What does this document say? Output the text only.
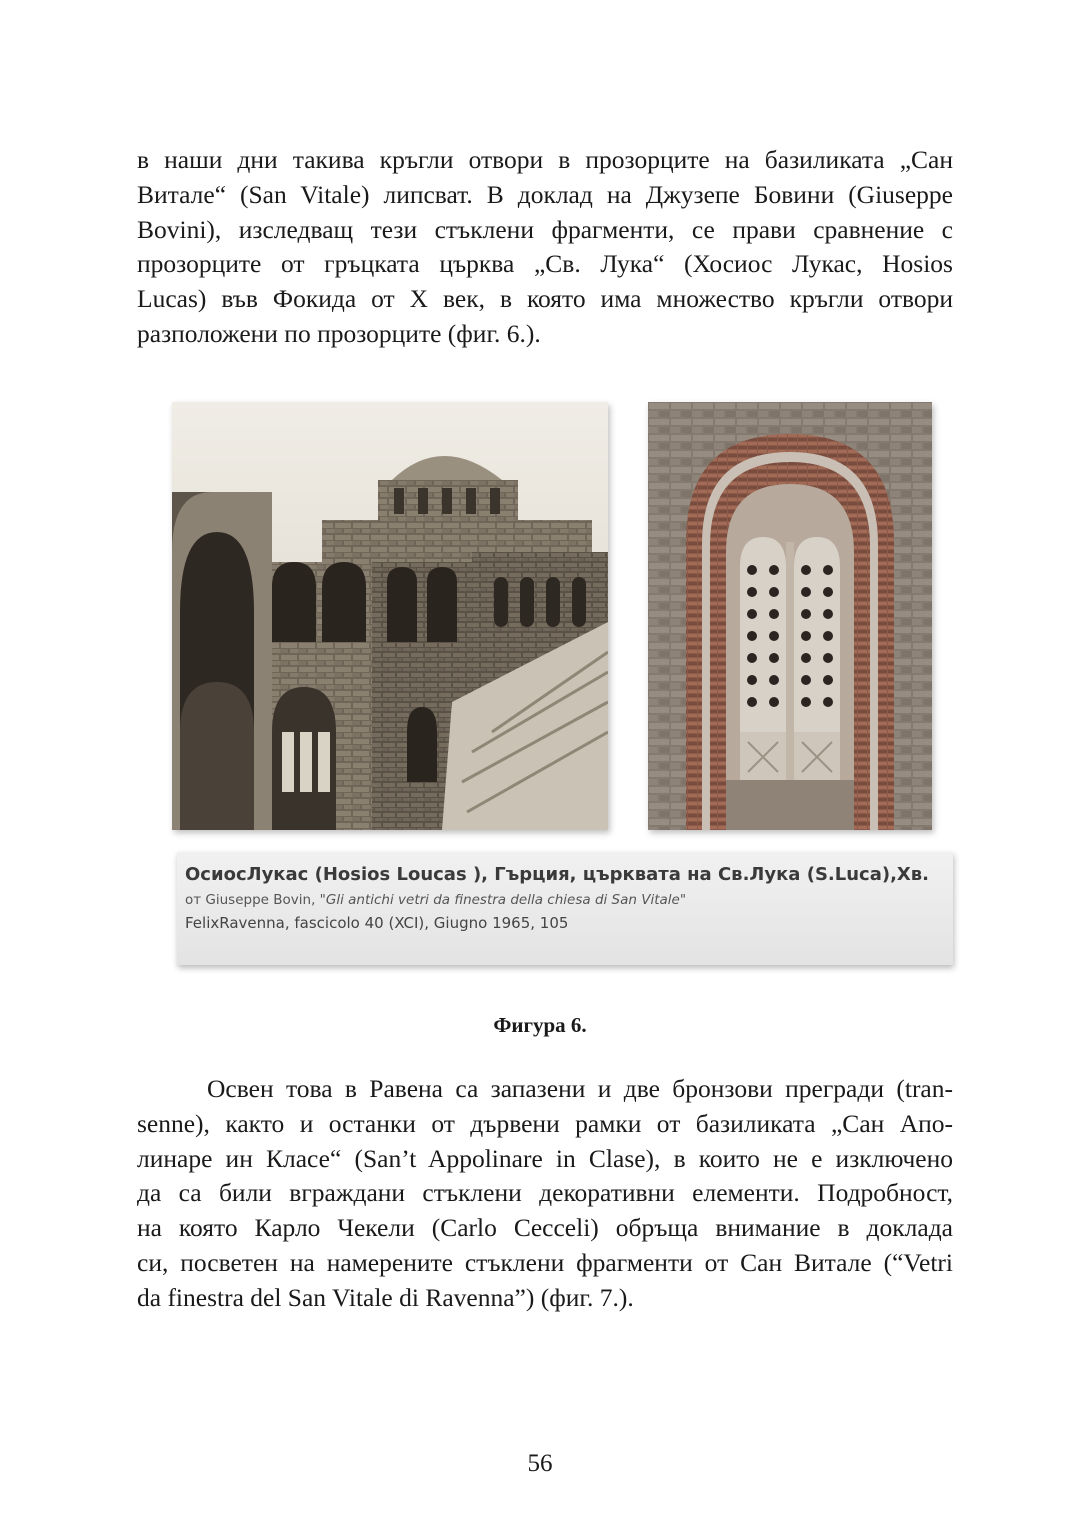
в наши дни такива кръгли отвори в прозорците на базиликата „Сан
Витале“ (San Vitale) липсват. В доклад на Джузепе Бовини (Giuseppe
Bovini), изследващ тези стъклени фрагменти, се прави сравнение с
прозорците от гръцката църква „Св. Лука“ (Хосиос Лукас, Hosios
Lucas) във Фокида от X век, в която има множество кръгли отвори
разположени по прозорците (фиг. 6.).
ОсиосЛукас (Hosios Loucas ), Гърция, църквата на Св.Лука (S.Luca),Хв.
от Giuseppe Bovin, "Gli antichi vetri da finestra della chiesa di San Vitale"
FelixRavenna, fascicolo 40 (XCI), Giugno 1965, 105
Фигура 6.
Освен това в Равена са запазени и две бронзови прегради (tran-
senne), както и останки от дървени рамки от базиликата „Сан Апо-
линаре ин Класе“ (San’t Appolinare in Clase), в които не е изключено
да са били вграждани стъклени декоративни елементи. Подробност,
на която Карло Чекели (Carlo Cecceli) обръща внимание в доклада
си, посветен на намерените стъклени фрагменти от Сан Витале (“Vetri
da finestra del San Vitale di Ravenna”) (фиг. 7.).
56
